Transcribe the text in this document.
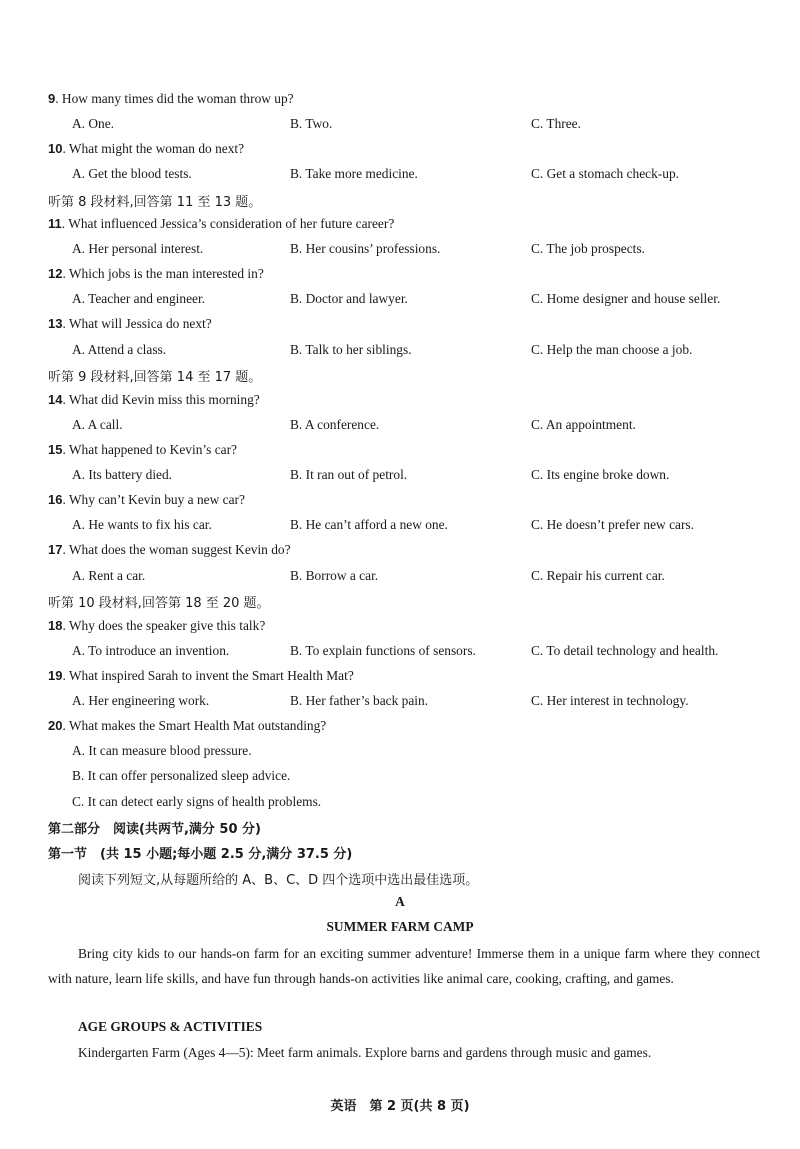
9. How many times did the woman throw up?
A. One.	B. Two.	C. Three.
10. What might the woman do next?
A. Get the blood tests.	B. Take more medicine.	C. Get a stomach check-up.
听第 8 段材料,回答第 11 至 13 题。
11. What influenced Jessica’s consideration of her future career?
A. Her personal interest.	B. Her cousins’ professions.	C. The job prospects.
12. Which jobs is the man interested in?
A. Teacher and engineer.	B. Doctor and lawyer.	C. Home designer and house seller.
13. What will Jessica do next?
A. Attend a class.	B. Talk to her siblings.	C. Help the man choose a job.
听第 9 段材料,回答第 14 至 17 题。
14. What did Kevin miss this morning?
A. A call.	B. A conference.	C. An appointment.
15. What happened to Kevin’s car?
A. Its battery died.	B. It ran out of petrol.	C. Its engine broke down.
16. Why can’t Kevin buy a new car?
A. He wants to fix his car.	B. He can’t afford a new one.	C. He doesn’t prefer new cars.
17. What does the woman suggest Kevin do?
A. Rent a car.	B. Borrow a car.	C. Repair his current car.
听第 10 段材料,回答第 18 至 20 题。
18. Why does the speaker give this talk?
A. To introduce an invention.	B. To explain functions of sensors.	C. To detail technology and health.
19. What inspired Sarah to invent the Smart Health Mat?
A. Her engineering work.	B. Her father’s back pain.	C. Her interest in technology.
20. What makes the Smart Health Mat outstanding?
A. It can measure blood pressure.
B. It can offer personalized sleep advice.
C. It can detect early signs of health problems.
第二部分　阅读(共两节,满分 50 分)
第一节　(共 15 小题;每小题 2.5 分,满分 37.5 分)
阅读下列短文,从每题所给的 A、B、C、D 四个选项中选出最佳选项。
A
SUMMER FARM CAMP
Bring city kids to our hands-on farm for an exciting summer adventure! Immerse them in a unique farm where they connect with nature, learn life skills, and have fun through hands-on activities like animal care, cooking, crafting, and games.
AGE GROUPS & ACTIVITIES
Kindergarten Farm (Ages 4—5): Meet farm animals. Explore barns and gardens through music and games.
英语　第 2 页(共 8 页)
